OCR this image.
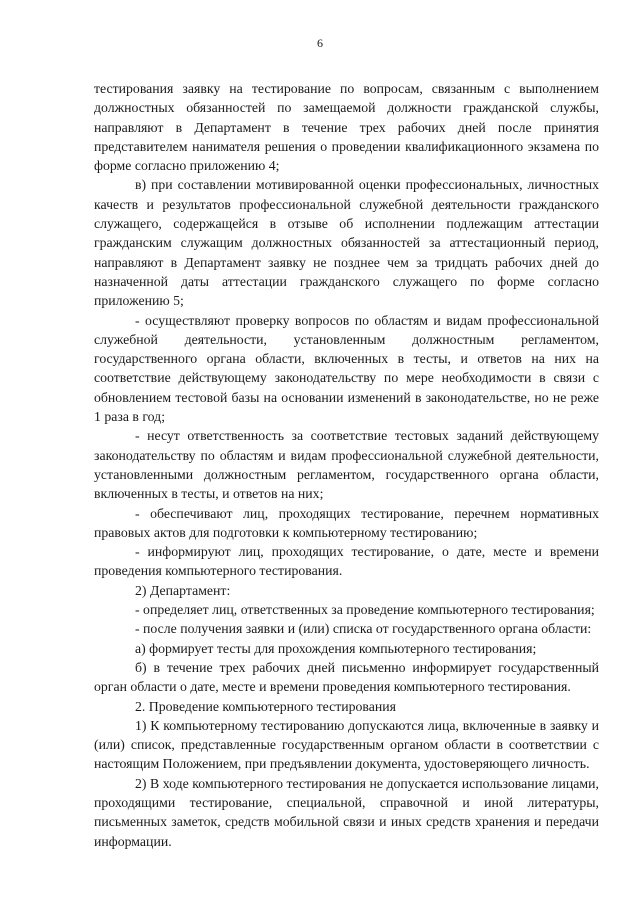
6

тестирования заявку на тестирование по вопросам, связанным с выполнением должностных обязанностей по замещаемой должности гражданской службы, направляют в Департамент в течение трех рабочих дней после принятия представителем нанимателя решения о проведении квалификационного экзамена по форме согласно приложению 4;

в) при составлении мотивированной оценки профессиональных, личностных качеств и результатов профессиональной служебной деятельности гражданского служащего, содержащейся в отзыве об исполнении подлежащим аттестации гражданским служащим должностных обязанностей за аттестационный период, направляют в Департамент заявку не позднее чем за тридцать рабочих дней до назначенной даты аттестации гражданского служащего по форме согласно приложению 5;

- осуществляют проверку вопросов по областям и видам профессиональной служебной деятельности, установленным должностным регламентом, государственного органа области, включенных в тесты, и ответов на них на соответствие действующему законодательству по мере необходимости в связи с обновлением тестовой базы на основании изменений в законодательстве, но не реже 1 раза в год;

- несут ответственность за соответствие тестовых заданий действующему законодательству по областям и видам профессиональной служебной деятельности, установленными должностным регламентом, государственного органа области, включенных в тесты, и ответов на них;

- обеспечивают лиц, проходящих тестирование, перечнем нормативных правовых актов для подготовки к компьютерному тестированию;

- информируют лиц, проходящих тестирование, о дате, месте и времени проведения компьютерного тестирования.

2) Департамент:

- определяет лиц, ответственных за проведение компьютерного тестирования;

- после получения заявки и (или) списка от государственного органа области:

а) формирует тесты для прохождения компьютерного тестирования;

б) в течение трех рабочих дней письменно информирует государственный орган области о дате, месте и времени проведения компьютерного тестирования.

2. Проведение компьютерного тестирования

1) К компьютерному тестированию допускаются лица, включенные в заявку и (или) список, представленные государственным органом области в соответствии с настоящим Положением, при предъявлении документа, удостоверяющего личность.

2) В ходе компьютерного тестирования не допускается использование лицами, проходящими тестирование, специальной, справочной и иной литературы, письменных заметок, средств мобильной связи и иных средств хранения и передачи информации.
